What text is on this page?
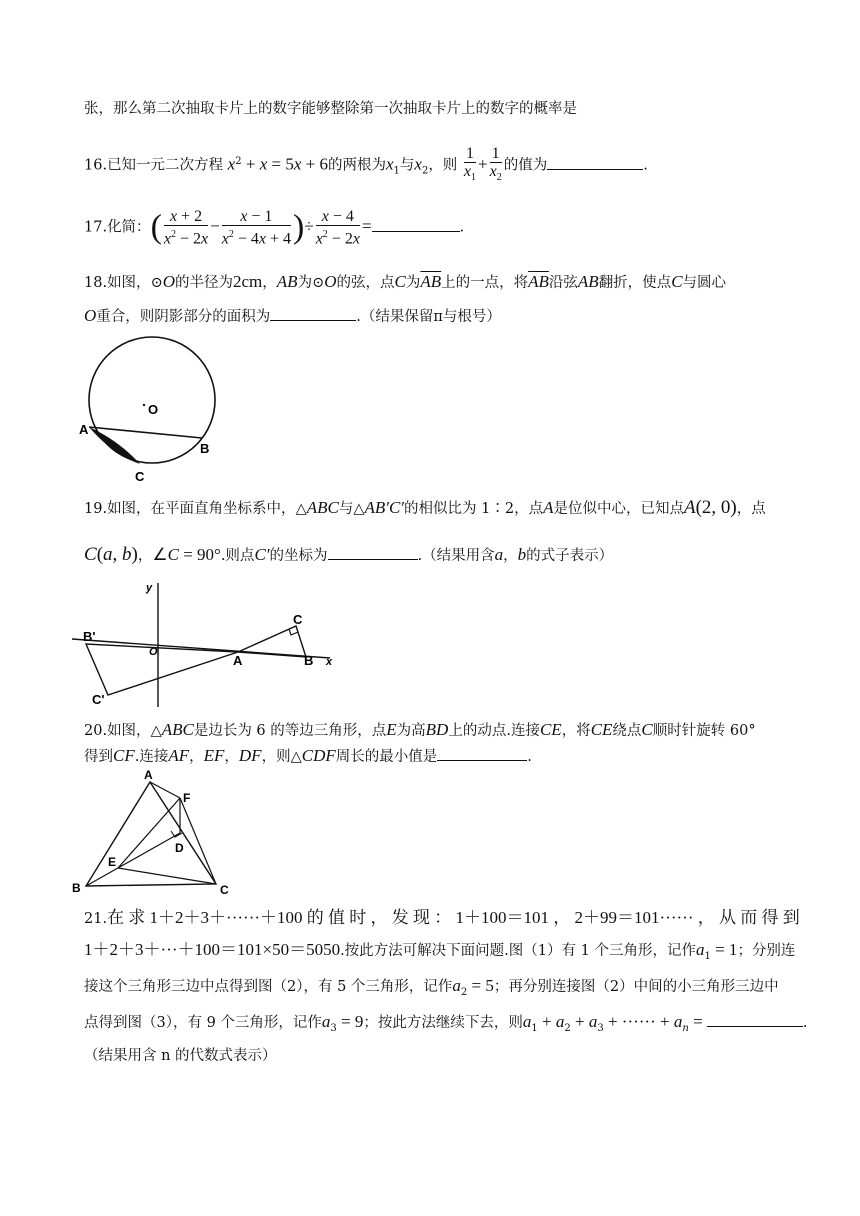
张，那么第二次抽取卡片上的数字能够整除第一次抽取卡片上的数字的概率是
16.已知一元二次方程 $x^2 + x = 5x + 6$的两根为$x_1$与$x_2$，则 $\frac{1}{x_1} + \frac{1}{x_2}$ 的值为	.
17.化简：( $\frac{x + 2}{x^2 - 2x} - \frac{x - 1}{x^2 - 4x + 4}$ )÷ $\frac{x - 4}{x^2 - 2x}$ =	.
18.如图，⊙O的半径为2cm，AB为⊙O的弦，点C为$\overline{AB}$上的一点，将$\overline{AB}$沿弦AB翻折，使点C与圆心
O重合，则阴影部分的面积为	.（结果保留π与根号）
O
A
B
C
19.如图，在平面直角坐标系中，△ABC与△AB′C′的相似比为 1∶2，点A是位似中心，已知点A(2, 0)，点
C(a, b)，∠C = 90°.则点C′的坐标为	.（结果用含a，b的式子表示）
y
x
O
B'
C'
A	B
C
20.如图，△ABC是边长为 6 的等边三角形，点E为高BD上的动点.连接CE，将CE绕点C顺时针旋转 60°
得到CF.连接AF，EF，DF，则△CDF周长的最小值是	.
A
B	C
D
E
F
21.在 求 1＋2＋3＋······＋100 的 值 时 ， 发 现 ： 1＋100＝101 ， 2＋99＝101······ ， 从 而 得 到
1＋2＋3＋···＋100＝101×50＝5050.按此方法可解决下面问题.图（1）有 1 个三角形，记作$a_1 = 1$；分别连
接这个三角形三边中点得到图（2），有 5 个三角形，记作$a_2 = 5$；再分别连接图（2）中间的小三角形三边中
点得到图（3），有 9 个三角形，记作$a_3 = 9$；按此方法继续下去，则$a_1 + a_2 + a_3$ + ······ + $a_n$ =	.
（结果用含 n 的代数式表示）
